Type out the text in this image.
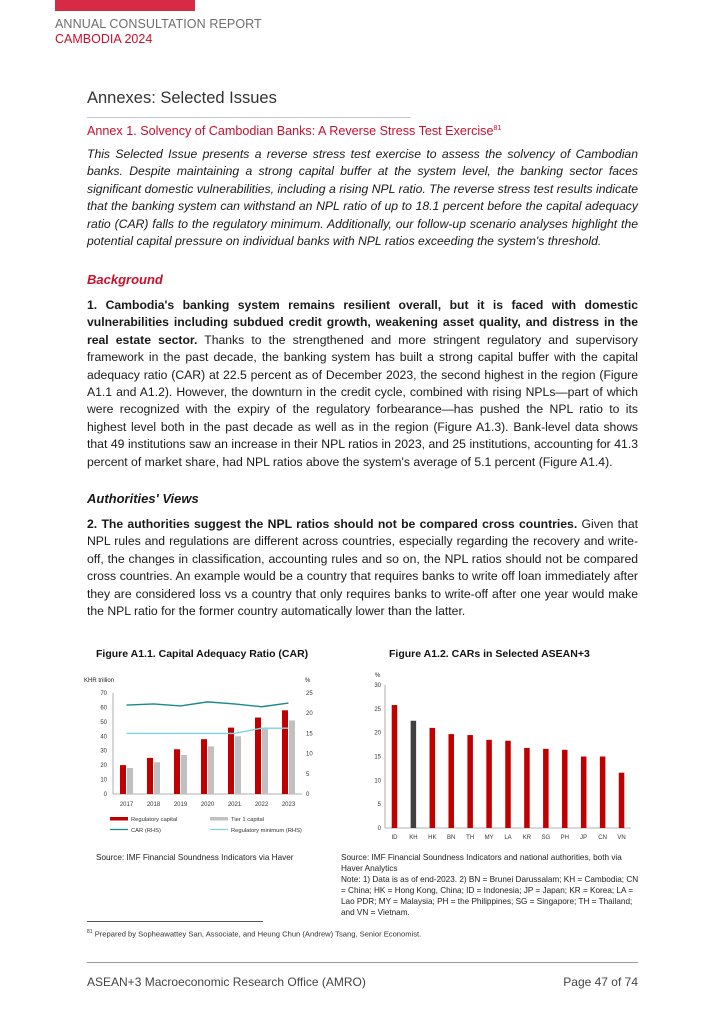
ANNUAL CONSULTATION REPORT
CAMBODIA 2024
Annexes: Selected Issues
Annex 1. Solvency of Cambodian Banks: A Reverse Stress Test Exercise$^{81}$
This Selected Issue presents a reverse stress test exercise to assess the solvency of Cambodian banks. Despite maintaining a strong capital buffer at the system level, the banking sector faces significant domestic vulnerabilities, including a rising NPL ratio. The reverse stress test results indicate that the banking system can withstand an NPL ratio of up to 18.1 percent before the capital adequacy ratio (CAR) falls to the regulatory minimum. Additionally, our follow-up scenario analyses highlight the potential capital pressure on individual banks with NPL ratios exceeding the system's threshold.
Background
1. Cambodia's banking system remains resilient overall, but it is faced with domestic vulnerabilities including subdued credit growth, weakening asset quality, and distress in the real estate sector. Thanks to the strengthened and more stringent regulatory and supervisory framework in the past decade, the banking system has built a strong capital buffer with the capital adequacy ratio (CAR) at 22.5 percent as of December 2023, the second highest in the region (Figure A1.1 and A1.2). However, the downturn in the credit cycle, combined with rising NPLs—part of which were recognized with the expiry of the regulatory forbearance—has pushed the NPL ratio to its highest level both in the past decade as well as in the region (Figure A1.3). Bank-level data shows that 49 institutions saw an increase in their NPL ratios in 2023, and 25 institutions, accounting for 41.3 percent of market share, had NPL ratios above the system's average of 5.1 percent (Figure A1.4).
Authorities' Views
2. The authorities suggest the NPL ratios should not be compared cross countries. Given that NPL rules and regulations are different across countries, especially regarding the recovery and write-off, the changes in classification, accounting rules and so on, the NPL ratios should not be compared cross countries. An example would be a country that requires banks to write off loan immediately after they are considered loss vs a country that only requires banks to write-off after one year would make the NPL ratio for the former country automatically lower than the latter.
Figure A1.1. Capital Adequacy Ratio (CAR)
KHR trillion	%
0
10
20
30
40
50
60
70
0
5
10
15
20
25
2017 2018 2019 2020 2021 2022 2023
Regulatory capital	Tier 1 capital
CAR (RHS)	Regulatory minimum (RHS)
Source: IMF Financial Soundness Indicators via Haver
Figure A1.2. CARs in Selected ASEAN+3
%
0
5
10
15
20
25
30
ID KH HK BN TH MY LA KR SG PH JP CN VN
Source: IMF Financial Soundness Indicators and national authorities, both via Haver Analytics
Note: 1) Data is as of end-2023. 2) BN = Brunei Darussalam; KH = Cambodia; CN = China; HK = Hong Kong, China; ID = Indonesia; JP = Japan; KR = Korea; LA = Lao PDR; MY = Malaysia; PH = the Philippines; SG = Singapore; TH = Thailand; and VN = Vietnam.
$^{81}$ Prepared by Sopheawattey San, Associate, and Heung Chun (Andrew) Tsang, Senior Economist.
ASEAN+3 Macroeconomic Research Office (AMRO)	Page 47 of 74
